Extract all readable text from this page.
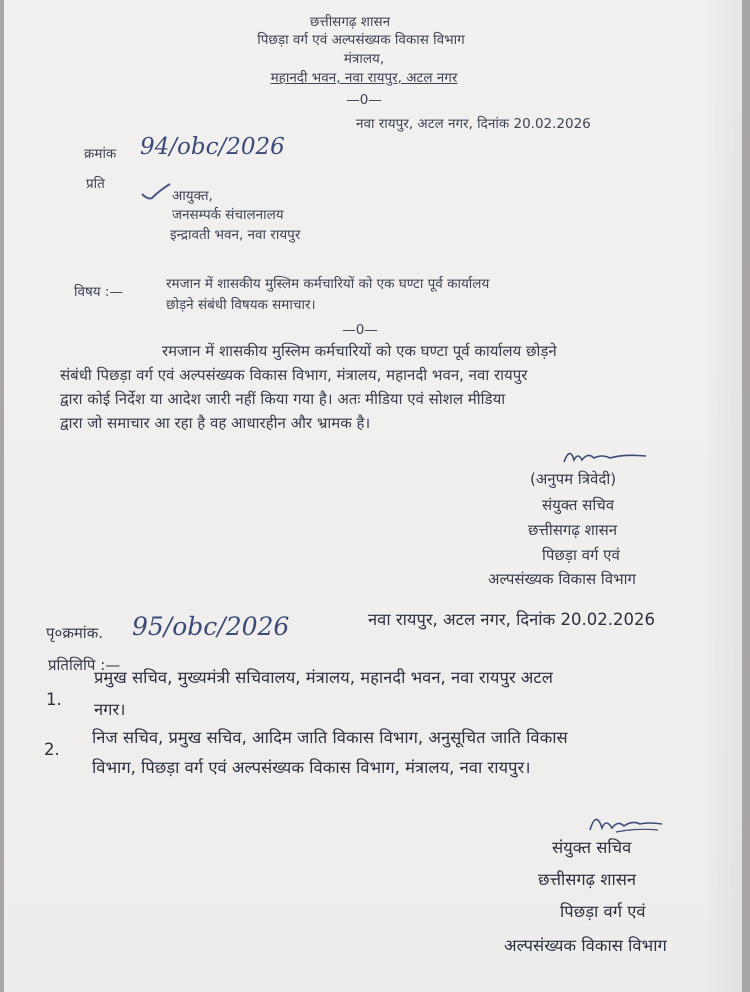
छत्तीसगढ़ शासन
पिछड़ा वर्ग एवं अल्पसंख्यक विकास विभाग
मंत्रालय,
महानदी भवन, नवा रायपुर, अटल नगर
—0—
क्रमांक 94/obc/2026
नवा रायपुर, अटल नगर, दिनांक 20.02.2026
प्रति
आयुक्त,
जनसम्पर्क संचालनालय
इन्द्रावती भवन, नवा रायपुर
विषय :—	रमजान में शासकीय मुस्लिम कर्मचारियों को एक घण्टा पूर्व कार्यालय
छोड़ने संबंधी विषयक समाचार।
—0—
रमजान में शासकीय मुस्लिम कर्मचारियों को एक घण्टा पूर्व कार्यालय छोड़ने
संबंधी पिछड़ा वर्ग एवं अल्पसंख्यक विकास विभाग, मंत्रालय, महानदी भवन, नवा रायपुर
द्वारा कोई निर्देश या आदेश जारी नहीं किया गया है। अतः मीडिया एवं सोशल मीडिया
द्वारा जो समाचार आ रहा है वह आधारहीन और भ्रामक है।
(अनुपम त्रिवेदी)
संयुक्त सचिव
छत्तीसगढ़ शासन
पिछड़ा वर्ग एवं
अल्पसंख्यक विकास विभाग
पृ०क्रमांक. 95/obc/2026	नवा रायपुर, अटल नगर, दिनांक 20.02.2026
प्रतिलिपि :—
1.
प्रमुख सचिव, मुख्यमंत्री सचिवालय, मंत्रालय, महानदी भवन, नवा रायपुर अटल
नगर।
2.
निज सचिव, प्रमुख सचिव, आदिम जाति विकास विभाग, अनुसूचित जाति विकास
विभाग, पिछड़ा वर्ग एवं अल्पसंख्यक विकास विभाग, मंत्रालय, नवा रायपुर।
संयुक्त सचिव
छत्तीसगढ़ शासन
पिछड़ा वर्ग एवं
अल्पसंख्यक विकास विभाग
